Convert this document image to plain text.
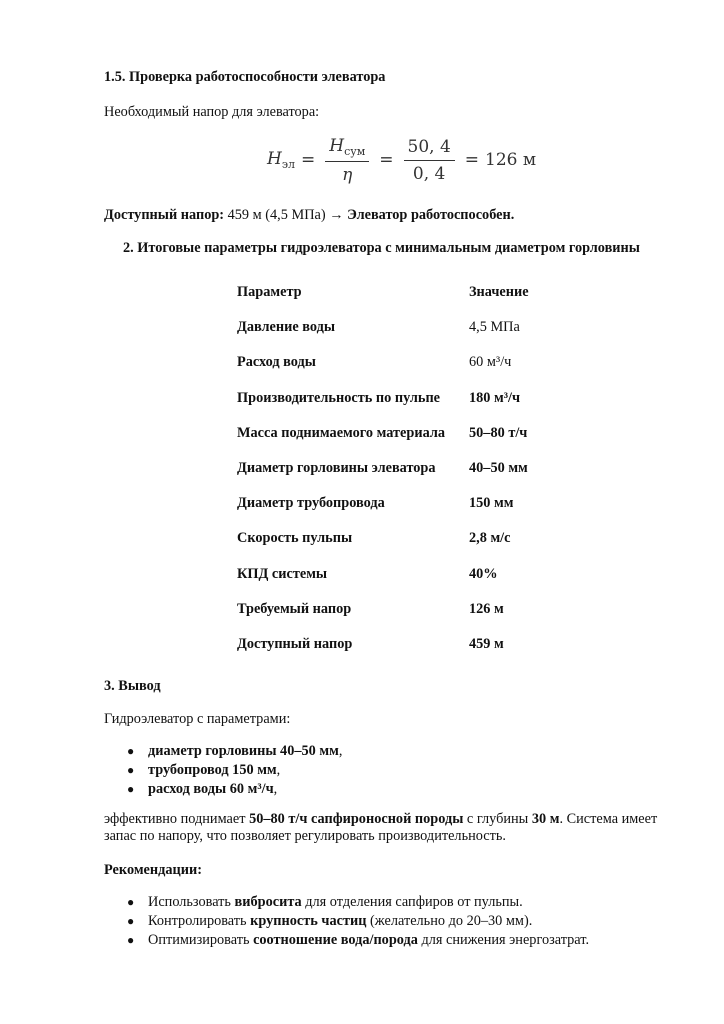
1.5. Проверка работоспособности элеватора
Необходимый напор для элеватора:
$H_{эл} = \frac{H_{сум}}{\eta} = \frac{50, 4}{0, 4} = 126$ м
Доступный напор: 459 м (4,5 МПа) → Элеватор работоспособен.
2. Итоговые параметры гидроэлеватора с минимальным диаметром горловины
Параметр	Значение
Давление воды	4,5 МПа
Расход воды	60 м³/ч
Производительность по пульпе 180 м³/ч
Масса поднимаемого материала 50–80 т/ч
Диаметр горловины элеватора 40–50 мм
Диаметр трубопровода	150 мм
Скорость пульпы	2,8 м/с
КПД системы	40%
Требуемый напор	126 м
Доступный напор	459 м
3. Вывод
Гидроэлеватор с параметрами:
● диаметр горловины 40–50 мм,
● трубопровод 150 мм,
● расход воды 60 м³/ч,
эффективно поднимает 50–80 т/ч сапфироносной породы с глубины 30 м. Система имеет
запас по напору, что позволяет регулировать производительность.
Рекомендации:
● Использовать вибросита для отделения сапфиров от пульпы.
● Контролировать крупность частиц (желательно до 20–30 мм).
● Оптимизировать соотношение вода/порода для снижения энергозатрат.
